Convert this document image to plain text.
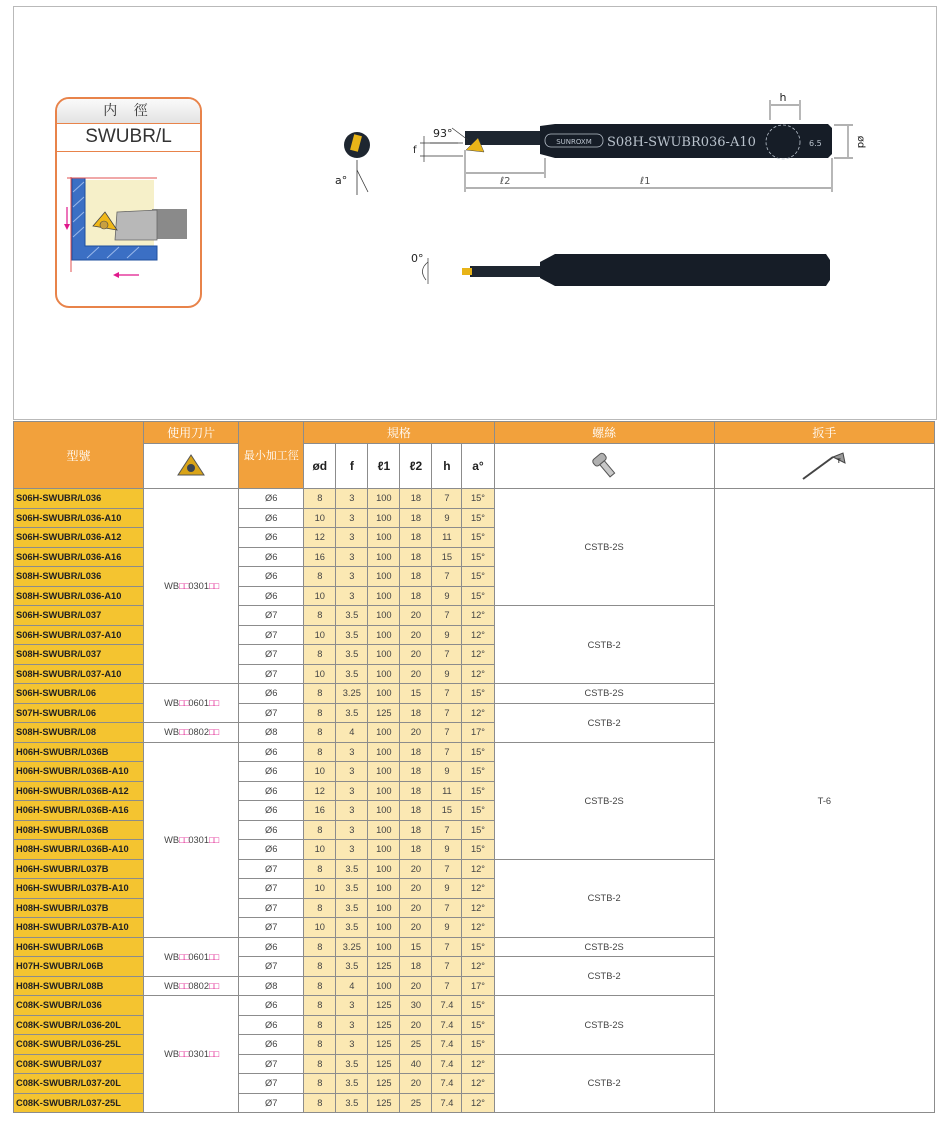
内 徑
SWUBR/L
a°
SUNROXM S08H-SWUBR036-A10	6.5
93°
f
h
ℓ2	ℓ1
ød
0°
型號	使用刀片	最小加工徑	規格						螺絲	扳手
	ød	f	ℓ1	ℓ2	h	a°		T

S06H-SWUBR/L036	WB□□0301□□	Ø6	8	3	100	18	7	15°	CSTB-2S	T-6
S06H-SWUBR/L036-A10		Ø6	10	3	100	18	9	15°		
S06H-SWUBR/L036-A12		Ø6	12	3	100	18	11	15°		
S06H-SWUBR/L036-A16		Ø6	16	3	100	18	15	15°		
S08H-SWUBR/L036		Ø6	8	3	100	18	7	15°		
S08H-SWUBR/L036-A10		Ø6	10	3	100	18	9	15°		
S06H-SWUBR/L037		Ø7	8	3.5	100	20	7	12°	CSTB-2	
S06H-SWUBR/L037-A10		Ø7	10	3.5	100	20	9	12°		
S08H-SWUBR/L037		Ø7	8	3.5	100	20	7	12°		
S08H-SWUBR/L037-A10		Ø7	10	3.5	100	20	9	12°		
S06H-SWUBR/L06	WB□□0601□□	Ø6	8	3.25	100	15	7	15°	CSTB-2S	
S07H-SWUBR/L06		Ø7	8	3.5	125	18	7	12°	CSTB-2	
S08H-SWUBR/L08	WB□□0802□□	Ø8	8	4	100	20	7	17°		
H06H-SWUBR/L036B	WB□□0301□□	Ø6	8	3	100	18	7	15°	CSTB-2S	
H06H-SWUBR/L036B-A10		Ø6	10	3	100	18	9	15°		
H06H-SWUBR/L036B-A12		Ø6	12	3	100	18	11	15°		
H06H-SWUBR/L036B-A16		Ø6	16	3	100	18	15	15°		
H08H-SWUBR/L036B		Ø6	8	3	100	18	7	15°		
H08H-SWUBR/L036B-A10		Ø6	10	3	100	18	9	15°		
H06H-SWUBR/L037B		Ø7	8	3.5	100	20	7	12°	CSTB-2	
H06H-SWUBR/L037B-A10		Ø7	10	3.5	100	20	9	12°		
H08H-SWUBR/L037B		Ø7	8	3.5	100	20	7	12°		
H08H-SWUBR/L037B-A10		Ø7	10	3.5	100	20	9	12°		
H06H-SWUBR/L06B	WB□□0601□□	Ø6	8	3.25	100	15	7	15°	CSTB-2S	
H07H-SWUBR/L06B		Ø7	8	3.5	125	18	7	12°	CSTB-2	
H08H-SWUBR/L08B	WB□□0802□□	Ø8	8	4	100	20	7	17°		
C08K-SWUBR/L036	WB□□0301□□	Ø6	8	3	125	30	7.4	15°	CSTB-2S	
C08K-SWUBR/L036-20L		Ø6	8	3	125	20	7.4	15°		
C08K-SWUBR/L036-25L		Ø6	8	3	125	25	7.4	15°		
C08K-SWUBR/L037		Ø7	8	3.5	125	40	7.4	12°	CSTB-2	
C08K-SWUBR/L037-20L		Ø7	8	3.5	125	20	7.4	12°		
C08K-SWUBR/L037-25L		Ø7	8	3.5	125	25	7.4	12°		
